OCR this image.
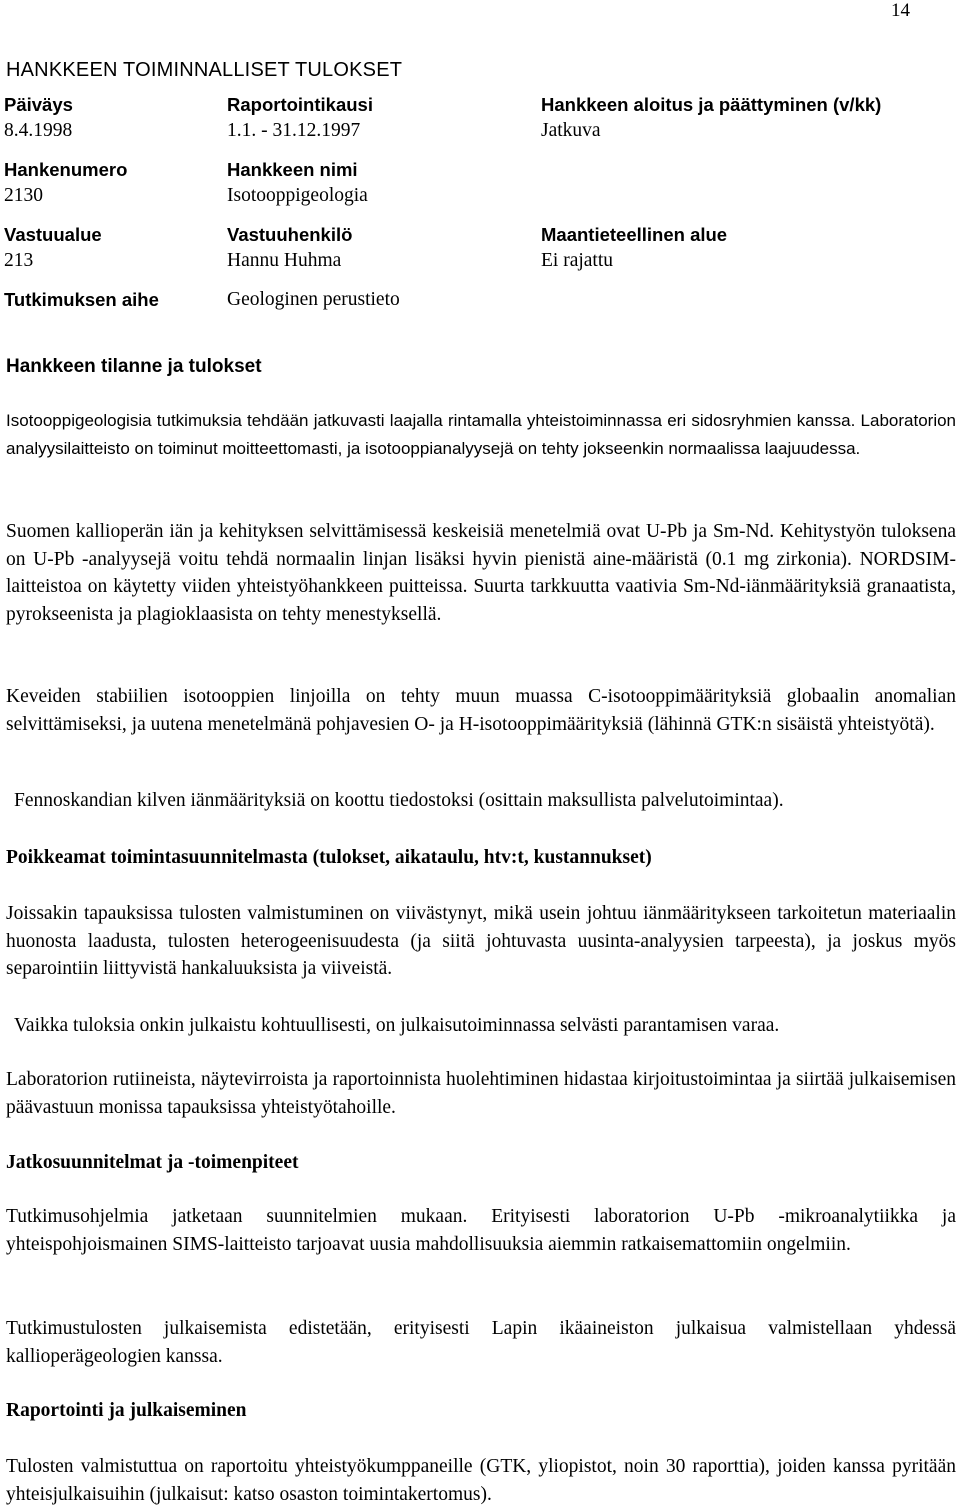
14
HANKKEEN TOIMINNALLISET TULOKSET
Päiväys
8.4.1998
Raportointikausi
1.1. - 31.12.1997
Hankkeen aloitus ja päättyminen (v/kk)
Jatkuva
Hankenumero
2130
Hankkeen nimi
Isotooppigeologia
Vastuualue
213
Vastuuhenkilö
Hannu Huhma
Maantieteellinen alue
Ei rajattu
Tutkimuksen aihe	Geologinen perustieto
Hankkeen tilanne ja tulokset

Isotooppigeologisia tutkimuksia tehdään jatkuvasti laajalla rintamalla yhteistoiminnassa eri sidosryhmien kanssa. Laboratorion analyysilaitteisto on toiminut moitteettomasti, ja isotooppianalyysejä on tehty jokseenkin normaalissa laajuudessa.

Suomen kallioperän iän ja kehityksen selvittämisessä keskeisiä menetelmiä ovat U-Pb ja Sm-Nd. Kehitystyön tuloksena on U-Pb -analyysejä voitu tehdä normaalin linjan lisäksi hyvin pienistä aine-määristä (0.1 mg zirkonia). NORDSIM-laitteistoa on käytetty viiden yhteistyöhankkeen puitteissa. Suurta tarkkuutta vaativia Sm-Nd-iänmäärityksiä granaatista, pyrokseenista ja plagioklaasista on tehty menestyksellä.

Keveiden stabiilien isotooppien linjoilla on tehty muun muassa C-isotooppimäärityksiä globaalin anomalian selvittämiseksi, ja uutena menetelmänä pohjavesien O- ja H-isotooppimäärityksiä (lähinnä GTK:n sisäistä yhteistyötä).

Fennoskandian kilven iänmäärityksiä on koottu tiedostoksi (osittain maksullista palvelutoimintaa).

Poikkeamat toimintasuunnitelmasta (tulokset, aikataulu, htv:t, kustannukset)

Joissakin tapauksissa tulosten valmistuminen on viivästynyt, mikä usein johtuu iänmääritykseen tarkoitetun materiaalin huonosta laadusta, tulosten heterogeenisuudesta (ja siitä johtuvasta uusinta-analyysien tarpeesta), ja joskus myös separointiin liittyvistä hankaluuksista ja viiveistä.

Vaikka tuloksia onkin julkaistu kohtuullisesti, on julkaisutoiminnassa selvästi parantamisen varaa.

Laboratorion rutiineista, näytevirroista ja raportoinnista huolehtiminen hidastaa kirjoitustoimintaa ja siirtää julkaisemisen päävastuun monissa tapauksissa yhteistyötahoille.

Jatkosuunnitelmat ja -toimenpiteet

Tutkimusohjelmia jatketaan suunnitelmien mukaan. Erityisesti laboratorion U-Pb -mikroanalytiikka ja yhteispohjoismainen SIMS-laitteisto tarjoavat uusia mahdollisuuksia aiemmin ratkaisemattomiin ongelmiin.

Tutkimustulosten julkaisemista edistetään, erityisesti Lapin ikäaineiston julkaisua valmistellaan yhdessä kallioperägeologien kanssa.

Raportointi ja julkaiseminen

Tulosten valmistuttua on raportoitu yhteistyökumppaneille (GTK, yliopistot, noin 30 raporttia), joiden kanssa pyritään yhteisjulkaisuihin (julkaisut: katso osaston toimintakertomus).
